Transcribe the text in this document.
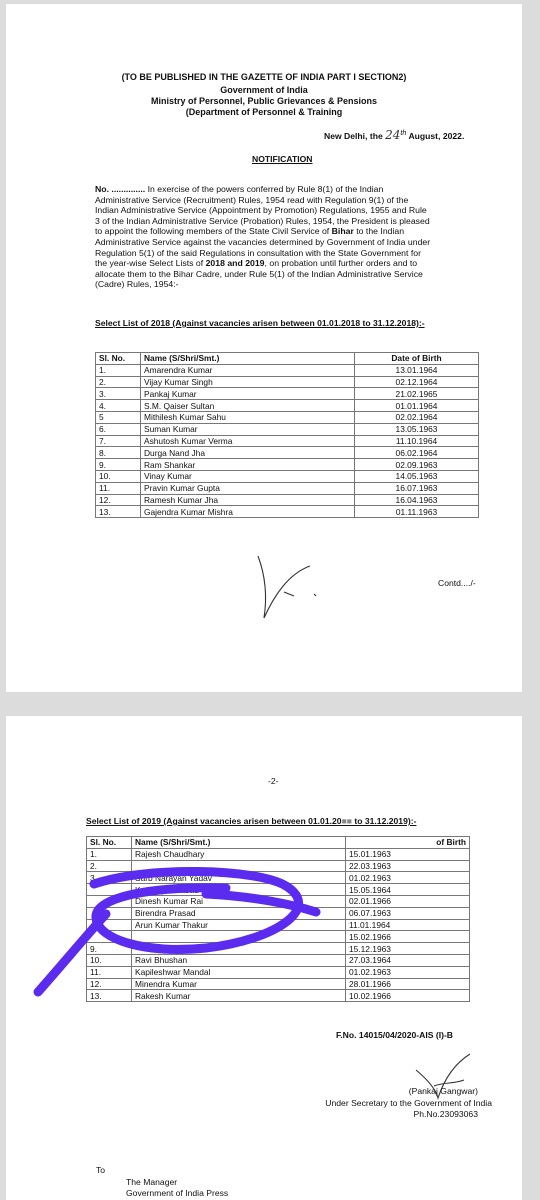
(TO BE PUBLISHED IN THE GAZETTE OF INDIA PART I SECTION2)
Government of India
Ministry of Personnel, Public Grievances & Pensions
(Department of Personnel & Training
New Delhi, the 24th August, 2022.
NOTIFICATION
No. .............. In exercise of the powers conferred by Rule 8(1) of the Indian
Administrative Service (Recruitment) Rules, 1954 read with Regulation 9(1) of the
Indian Administrative Service (Appointment by Promotion) Regulations, 1955 and Rule
3 of the Indian Administrative Service (Probation) Rules, 1954, the President is pleased
to appoint the following members of the State Civil Service of Bihar to the Indian
Administrative Service against the vacancies determined by Government of India under
Regulation 5(1) of the said Regulations in consultation with the State Government for
the year-wise Select Lists of 2018 and 2019, on probation until further orders and to
allocate them to the Bihar Cadre, under Rule 5(1) of the Indian Administrative Service
(Cadre) Rules, 1954:-
Select List of 2018 (Against vacancies arisen between 01.01.2018 to 31.12.2018):-
Sl. No.	Name (S/Shri/Smt.)	Date of Birth
1.	Amarendra Kumar	13.01.1964
2.	Vijay Kumar Singh	02.12.1964
3.	Pankaj Kumar	21.02.1965
4.	S.M. Qaiser Sultan	01.01.1964
5	Mithilesh Kumar Sahu	02.02.1964
6.	Suman Kumar	13.05.1963
7.	Ashutosh Kumar Verma	11.10.1964
8.	Durga Nand Jha	06.02.1964
9.	Ram Shankar	02.09.1963
10.	Vinay Kumar	14.05.1963
11.	Pravin Kumar Gupta	16.07.1963
12.	Ramesh Kumar Jha	16.04.1963
13.	Gajendra Kumar Mishra	01.11.1963
Contd..../-
-2-
Select List of 2019 (Against vacancies arisen between 01.01.20■■ to 31.12.2019):-
Sl. No.	Name (S/Shri/Smt.)	of Birth
1.	Rajesh Chaudhary	15.01.1963
2.		22.03.1963
3.	Sarb Narayan Yadav	01.02.1963
	Kanhaiya Prasad Shriva	15.05.1964
	Dinesh Kumar Rai	02.01.1966
	Birendra Prasad	06.07.1963
	Arun Kumar Thakur	11.01.1964
		15.02.1966
9.		15.12.1963
10.	Ravi Bhushan	27.03.1964
11.	Kapileshwar Mandal	01.02.1963
12.	Minendra Kumar	28.01.1966
13.	Rakesh Kumar	10.02.1966
F.No. 14015/04/2020-AIS (I)-B
(Pankaj Gangwar)
Under Secretary to the Government of India
Ph.No.23093063
To
The Manager
Government of India Press
